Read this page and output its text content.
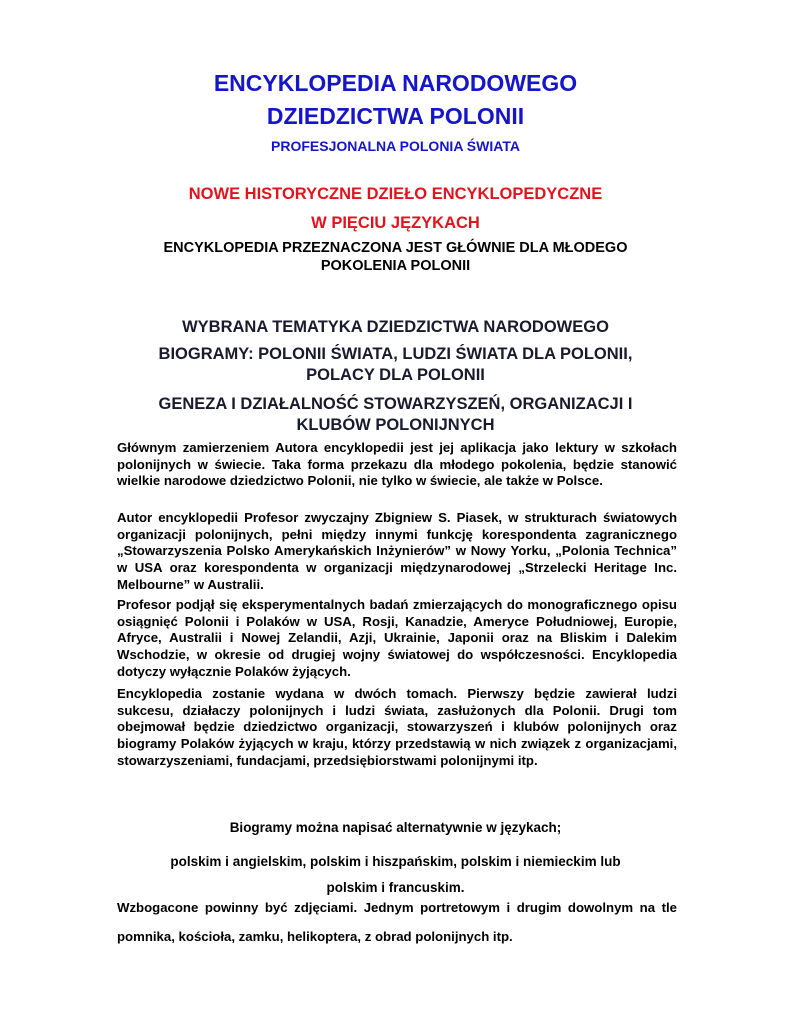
ENCYKLOPEDIA NARODOWEGO

DZIEDZICTWA POLONII

PROFESJONALNA POLONIA ŚWIATA

NOWE HISTORYCZNE DZIEŁO ENCYKLOPEDYCZNE

W PIĘCIU JĘZYKACH

ENCYKLOPEDIA PRZEZNACZONA JEST GŁÓWNIE DLA MŁODEGO

POKOLENIA POLONII

WYBRANA TEMATYKA DZIEDZICTWA NARODOWEGO

BIOGRAMY: POLONII ŚWIATA, LUDZI ŚWIATA DLA POLONII,

POLACY DLA POLONII

GENEZA I DZIAŁALNOŚĆ STOWARZYSZEŃ, ORGANIZACJI I

KLUBÓW POLONIJNYCH

Głównym zamierzeniem Autora encyklopedii jest jej aplikacja jako lektury w szkołach polonijnych w świecie. Taka forma przekazu dla młodego pokolenia, będzie stanowić wielkie narodowe dziedzictwo Polonii, nie tylko w świecie, ale także w Polsce.

Autor encyklopedii Profesor zwyczajny Zbigniew S. Piasek, w strukturach światowych organizacji polonijnych, pełni między innymi funkcję korespondenta zagranicznego „Stowarzyszenia Polsko Amerykańskich Inżynierów” w Nowy Yorku, „Polonia Technica” w USA oraz korespondenta w organizacji międzynarodowej „Strzelecki Heritage Inc. Melbourne” w Australii.

Profesor podjął się eksperymentalnych badań zmierzających do monograficznego opisu osiągnięć Polonii i Polaków w USA, Rosji, Kanadzie, Ameryce Południowej, Europie, Afryce, Australii i Nowej Zelandii, Azji, Ukrainie, Japonii oraz na Bliskim i Dalekim Wschodzie, w okresie od drugiej wojny światowej do współczesności. Encyklopedia dotyczy wyłącznie Polaków żyjących.

Encyklopedia zostanie wydana w dwóch tomach. Pierwszy będzie zawierał ludzi sukcesu, działaczy polonijnych i ludzi świata, zasłużonych dla Polonii. Drugi tom obejmował będzie dziedzictwo organizacji, stowarzyszeń i klubów polonijnych oraz biogramy Polaków żyjących w kraju, którzy przedstawią w nich związek z organizacjami, stowarzyszeniami, fundacjami, przedsiębiorstwami polonijnymi itp.

Biogramy można napisać alternatywnie w językach;

polskim i angielskim, polskim i hiszpańskim, polskim i niemieckim lub

polskim i francuskim.

Wzbogacone powinny być zdjęciami. Jednym portretowym i drugim dowolnym na tle pomnika, kościoła, zamku, helikoptera, z obrad polonijnych itp.
